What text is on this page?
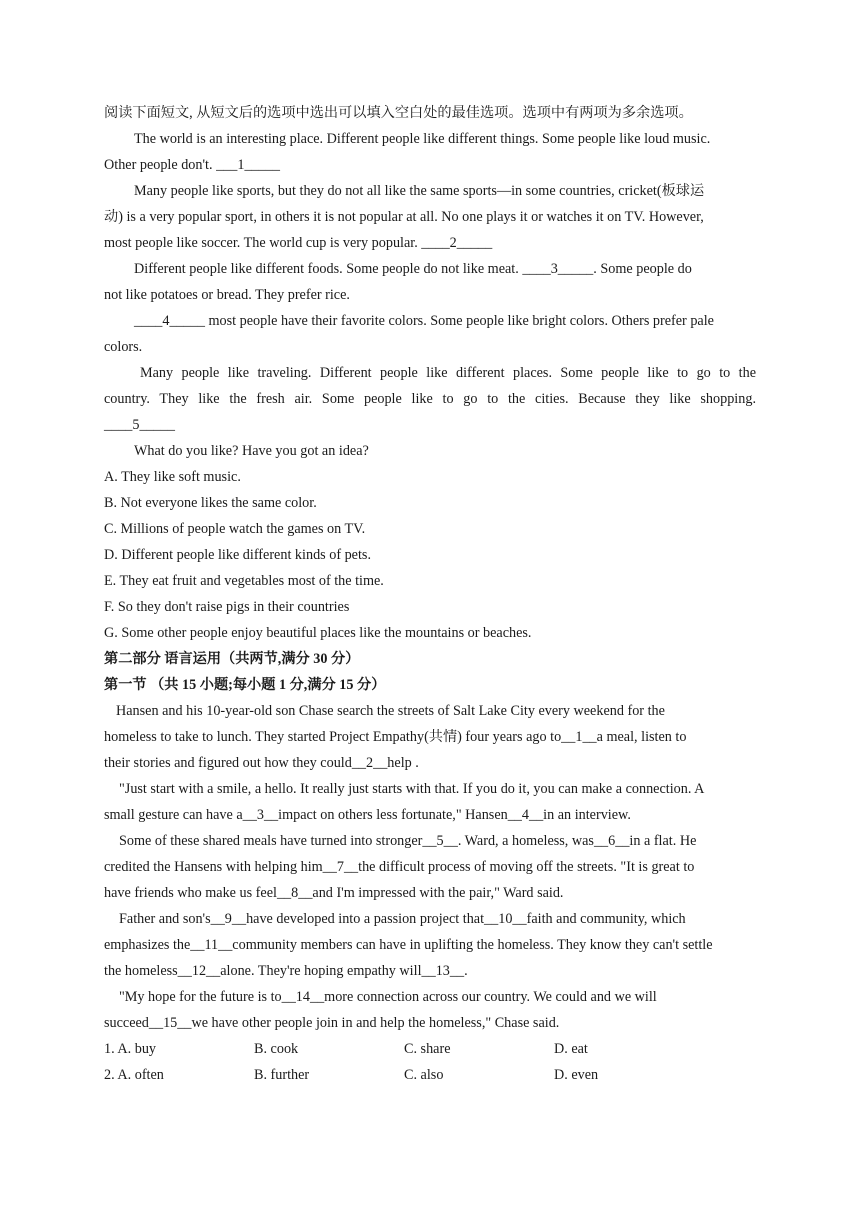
阅读下面短文, 从短文后的选项中选出可以填入空白处的最佳选项。选项中有两项为多余选项。
The world is an interesting place. Different people like different things. Some people like loud music.
Other people don't. ___1_____
Many people like sports, but they do not all like the same sports—in some countries, cricket(板球运
动) is a very popular sport, in others it is not popular at all. No one plays it or watches it on TV. However,
most people like soccer. The world cup is very popular. ____2_____
Different people like different foods. Some people do not like meat. ____3_____. Some people do
not like potatoes or bread. They prefer rice.
____4_____ most people have their favorite colors. Some people like bright colors. Others prefer pale
colors.
Many people like traveling. Different people like different places. Some people like to go to the
country. They like the fresh air. Some people like to go to the cities. Because they like shopping.
____5_____
What do you like? Have you got an idea?
A. They like soft music.
B. Not everyone likes the same color.
C. Millions of people watch the games on TV.
D. Different people like different kinds of pets.
E. They eat fruit and vegetables most of the time.
F. So they don't raise pigs in their countries
G. Some other people enjoy beautiful places like the mountains or beaches.
第二部分 语言运用（共两节,满分 30 分）
第一节 （共 15 小题;每小题 1 分,满分 15 分）
Hansen and his 10-year-old son Chase search the streets of Salt Lake City every weekend for the
homeless to take to lunch. They started Project Empathy(共情) four years ago to__1__a meal, listen to
their stories and figured out how they could__2__help .
"Just start with a smile, a hello. It really just starts with that. If you do it, you can make a connection. A
small gesture can have a__3__impact on others less fortunate," Hansen__4__in an interview.
Some of these shared meals have turned into stronger__5__. Ward, a homeless, was__6__in a flat. He
credited the Hansens with helping him__7__the difficult process of moving off the streets. "It is great to
have friends who make us feel__8__and I'm impressed with the pair," Ward said.
Father and son's__9__have developed into a passion project that__10__faith and community, which
emphasizes the__11__community members can have in uplifting the homeless. They know they can't settle
the homeless__12__alone. They're hoping empathy will__13__.
"My hope for the future is to__14__more connection across our country. We could and we will
succeed__15__we have other people join in and help the homeless," Chase said.
1. A. buy	B. cook	C. share	D. eat
2. A. often	B. further	C. also	D. even
